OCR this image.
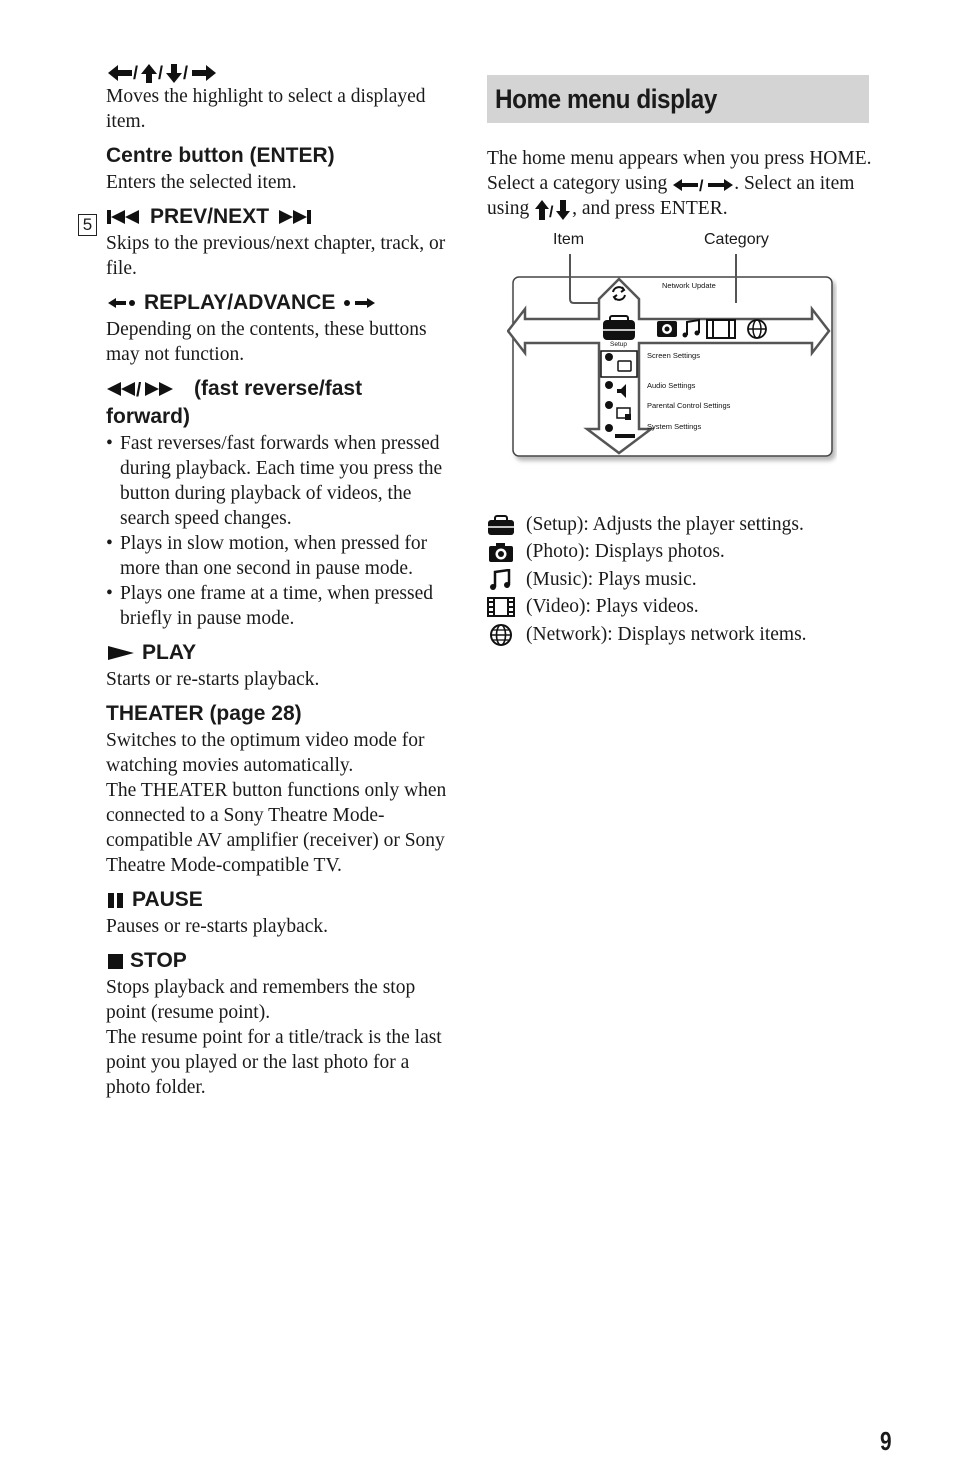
5
/ / /

Moves the highlight to select a displayed item.

Centre button (ENTER)

Enters the selected item.

PREV/NEXT

Skips to the previous/next chapter, track, or file.

REPLAY/ADVANCE

Depending on the contents, these buttons may not function.

/	(fast reverse/fast
forward)
• Fast reverses/fast forwards when pressed during playback. Each time you press the button during playback of videos, the search speed changes.
• Plays in slow motion, when pressed for more than one second in pause mode.
• Plays one frame at a time, when pressed briefly in pause mode.
PLAY

Starts or re-starts playback.

THEATER (page 28)

Switches to the optimum video mode for watching movies automatically.

The THEATER button functions only when connected to a Sony Theatre Mode-compatible AV amplifier (receiver) or Sony Theatre Mode-compatible TV.

PAUSE

Pauses or re-starts playback.

STOP

Stops playback and remembers the stop point (resume point).

The resume point for a title/track is the last point you played or the last photo for a photo folder.

Home menu display

The home menu appears when you press HOME. Select a category using / . Select an item using / , and press ENTER.

Item	Category
Network Update
Setup
Screen Settings
Audio Settings
Parental Control Settings
System Settings
(Setup): Adjusts the player settings.
(Photo): Displays photos.
(Music): Plays music.
(Video): Plays videos.
(Network): Displays network items.
9
